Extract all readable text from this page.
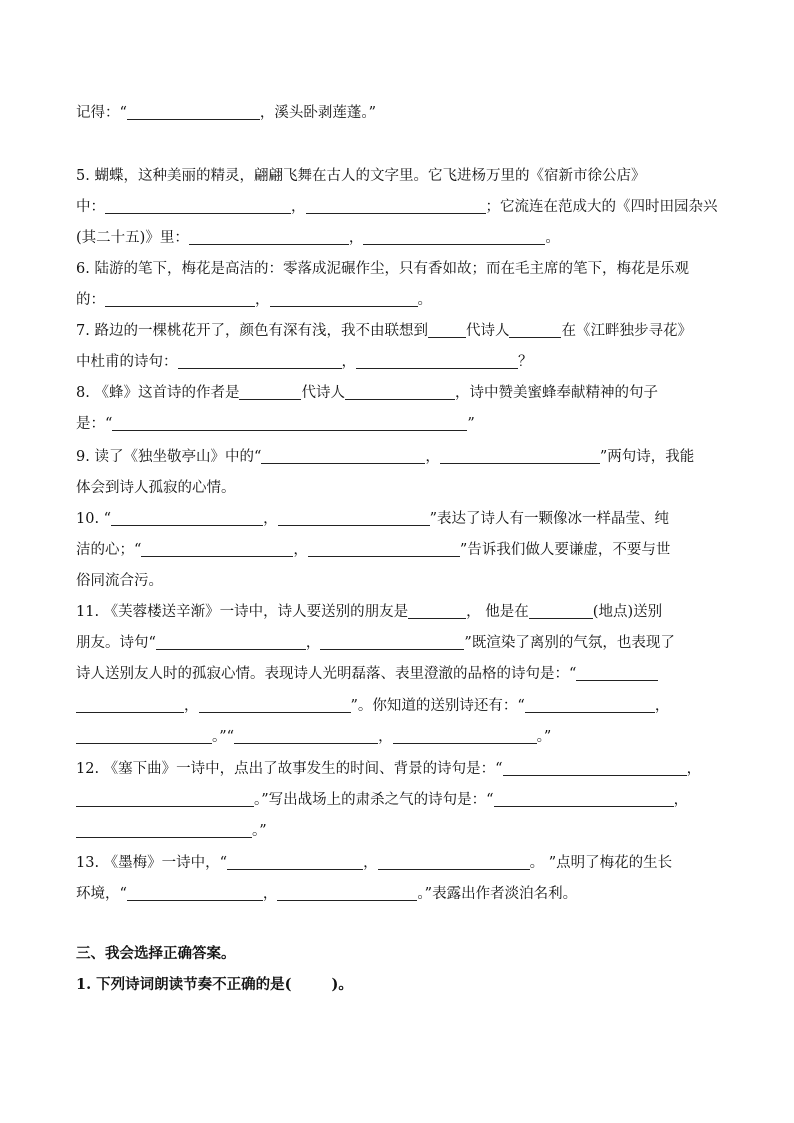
记得：“	，溪头卧剥莲蓬。”
5. 蝴蝶，这种美丽的精灵，翩翩飞舞在古人的文字里。它飞进杨万里的《宿新市徐公店》
中：	，	；它流连在范成大的《四时田园杂兴
(其二十五)》里：	，	。
6. 陆游的笔下，梅花是高洁的：零落成泥碾作尘，只有香如故；而在毛主席的笔下，梅花是乐观
的：	，	。
7. 路边的一棵桃花开了，颜色有深有浅，我不由联想到	代诗人	在《江畔独步寻花》
中杜甫的诗句：	，	？
8. 《蜂》这首诗的作者是	代诗人	，诗中赞美蜜蜂奉献精神的句子
是：“	”
9. 读了《独坐敬亭山》中的“	，	”两句诗，我能
体会到诗人孤寂的心情。
10. “	，	”表达了诗人有一颗像冰一样晶莹、纯
洁的心；“	，	”告诉我们做人要谦虚，不要与世
俗同流合污。
11. 《芙蓉楼送辛渐》一诗中，诗人要送别的朋友是	， 他是在	(地点)送别
朋友。诗句“	，	”既渲染了离别的气氛，也表现了
诗人送别友人时的孤寂心情。表现诗人光明磊落、表里澄澈的品格的诗句是：“
，	”。你知道的送别诗还有：“	，
。”“	，	。”
12. 《塞下曲》一诗中，点出了故事发生的时间、背景的诗句是：“	，
。”写出战场上的肃杀之气的诗句是：“	，
。”
13. 《墨梅》一诗中，“	，	。 ”点明了梅花的生长
环境，“	，	。”表露出作者淡泊名利。
三、我会选择正确答案。
1. 下列诗词朗读节奏不正确的是(	)。
